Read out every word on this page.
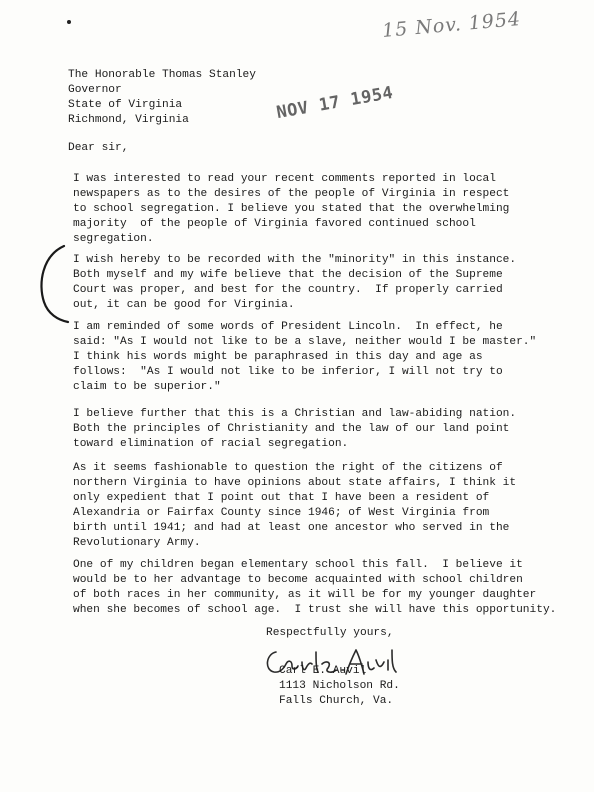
15 Nov. 1954
NOV 17 1954
The Honorable Thomas Stanley
Governor
State of Virginia
Richmond, Virginia
Dear sir,
I was interested to read your recent comments reported in local
newspapers as to the desires of the people of Virginia in respect
to school segregation. I believe you stated that the overwhelming
majority  of the people of Virginia favored continued school
segregation.
I wish hereby to be recorded with the "minority" in this instance.
Both myself and my wife believe that the decision of the Supreme
Court was proper, and best for the country.  If properly carried
out, it can be good for Virginia.
I am reminded of some words of President Lincoln.  In effect, he
said: "As I would not like to be a slave, neither would I be master."
I think his words might be paraphrased in this day and age as
follows:  "As I would not like to be inferior, I will not try to
claim to be superior."
I believe further that this is a Christian and law-abiding nation.
Both the principles of Christianity and the law of our land point
toward elimination of racial segregation.
As it seems fashionable to question the right of the citizens of
northern Virginia to have opinions about state affairs, I think it
only expedient that I point out that I have been a resident of
Alexandria or Fairfax County since 1946; of West Virginia from
birth until 1941; and had at least one ancestor who served in the
Revolutionary Army.
One of my children began elementary school this fall.  I believe it
would be to her advantage to become acquainted with school children
of both races in her community, as it will be for my younger daughter
when she becomes of school age.  I trust she will have this opportunity.
Respectfully yours,
Carl E. Auvil
1113 Nicholson Rd.
Falls Church, Va.
